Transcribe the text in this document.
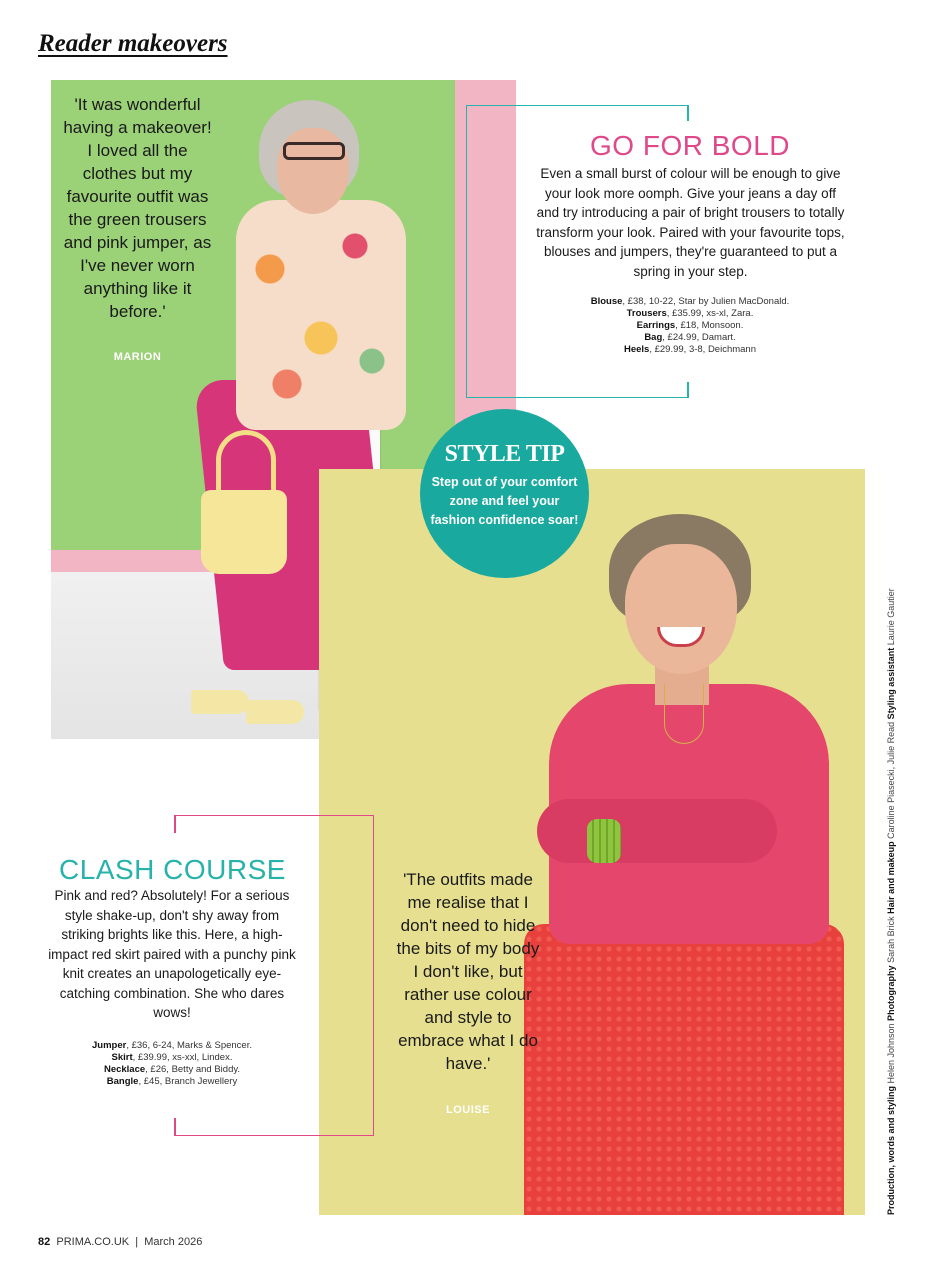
Reader makeovers
'It was wonderful having a makeover! I loved all the clothes but my favourite outfit was the green trousers and pink jumper, as I've never worn anything like it before.'
MARION
GO FOR BOLD
Even a small burst of colour will be enough to give your look more oomph. Give your jeans a day off and try introducing a pair of bright trousers to totally transform your look. Paired with your favourite tops, blouses and jumpers, they're guaranteed to put a spring in your step.
Blouse, £38, 10-22, Star by Julien MacDonald.
Trousers, £35.99, xs-xl, Zara.
Earrings, £18, Monsoon.
Bag, £24.99, Damart.
Heels, £29.99, 3-8, Deichmann
STYLE TIP
Step out of your comfort zone and feel your fashion confidence soar!
'The outfits made me realise that I don't need to hide the bits of my body I don't like, but rather use colour and style to embrace what I do have.'
LOUISE
CLASH COURSE
Pink and red? Absolutely! For a serious style shake-up, don't shy away from striking brights like this. Here, a high-impact red skirt paired with a punchy pink knit creates an unapologetically eye-catching combination. She who dares wows!
Jumper, £36, 6-24, Marks & Spencer.
Skirt, £39.99, xs-xxl, Lindex.
Necklace, £26, Betty and Biddy.
Bangle, £45, Branch Jewellery
Production, words and styling Helen Johnson Photography Sarah Brick Hair and makeup Caroline Piasecki, Julie Read Styling assistant Laurie Gautier
82 PRIMA.CO.UK | March 2026
